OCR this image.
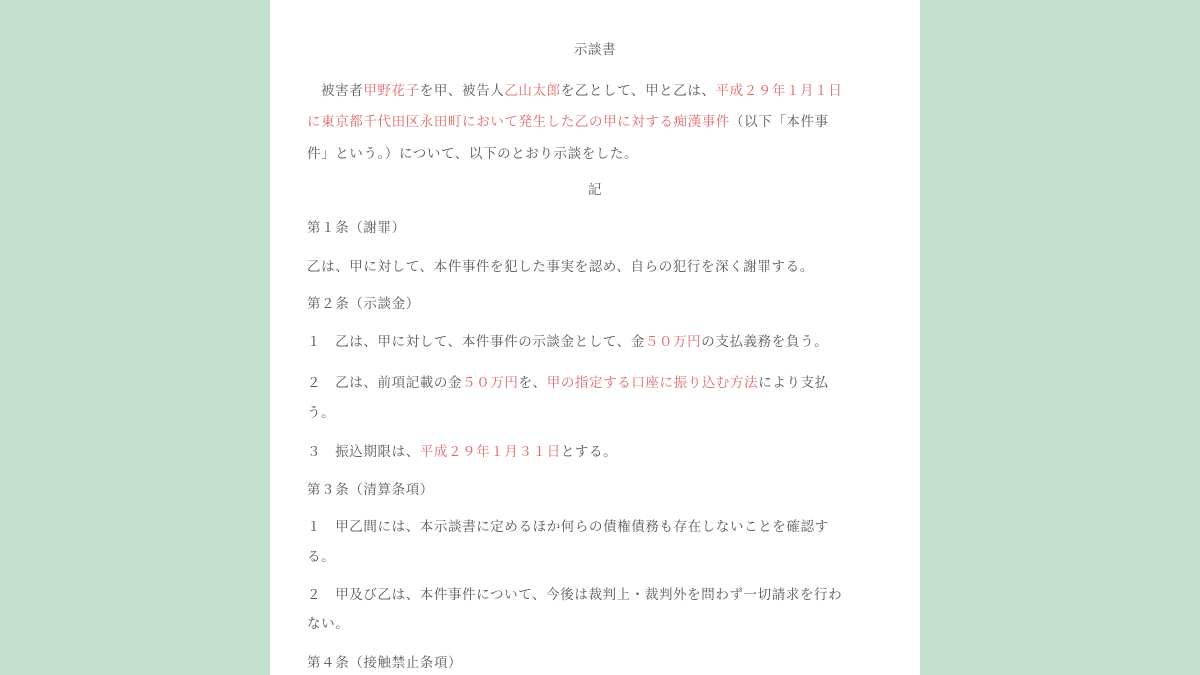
示談書
被害者甲野花子を甲、被告人乙山太郎を乙として、甲と乙は、平成２９年１月１日
に東京都千代田区永田町において発生した乙の甲に対する痴漢事件（以下「本件事
件」という。）について、以下のとおり示談をした。
記
第１条（謝罪）
乙は、甲に対して、本件事件を犯した事実を認め、自らの犯行を深く謝罪する。
第２条（示談金）
１　乙は、甲に対して、本件事件の示談金として、金５０万円の支払義務を負う。
２　乙は、前項記載の金５０万円を、甲の指定する口座に振り込む方法により支払
う。
３　振込期限は、平成２９年１月３１日とする。
第３条（清算条項）
１　甲乙間には、本示談書に定めるほか何らの債権債務も存在しないことを確認す
る。
２　甲及び乙は、本件事件について、今後は裁判上・裁判外を問わず一切請求を行わ
ない。
第４条（接触禁止条項）
